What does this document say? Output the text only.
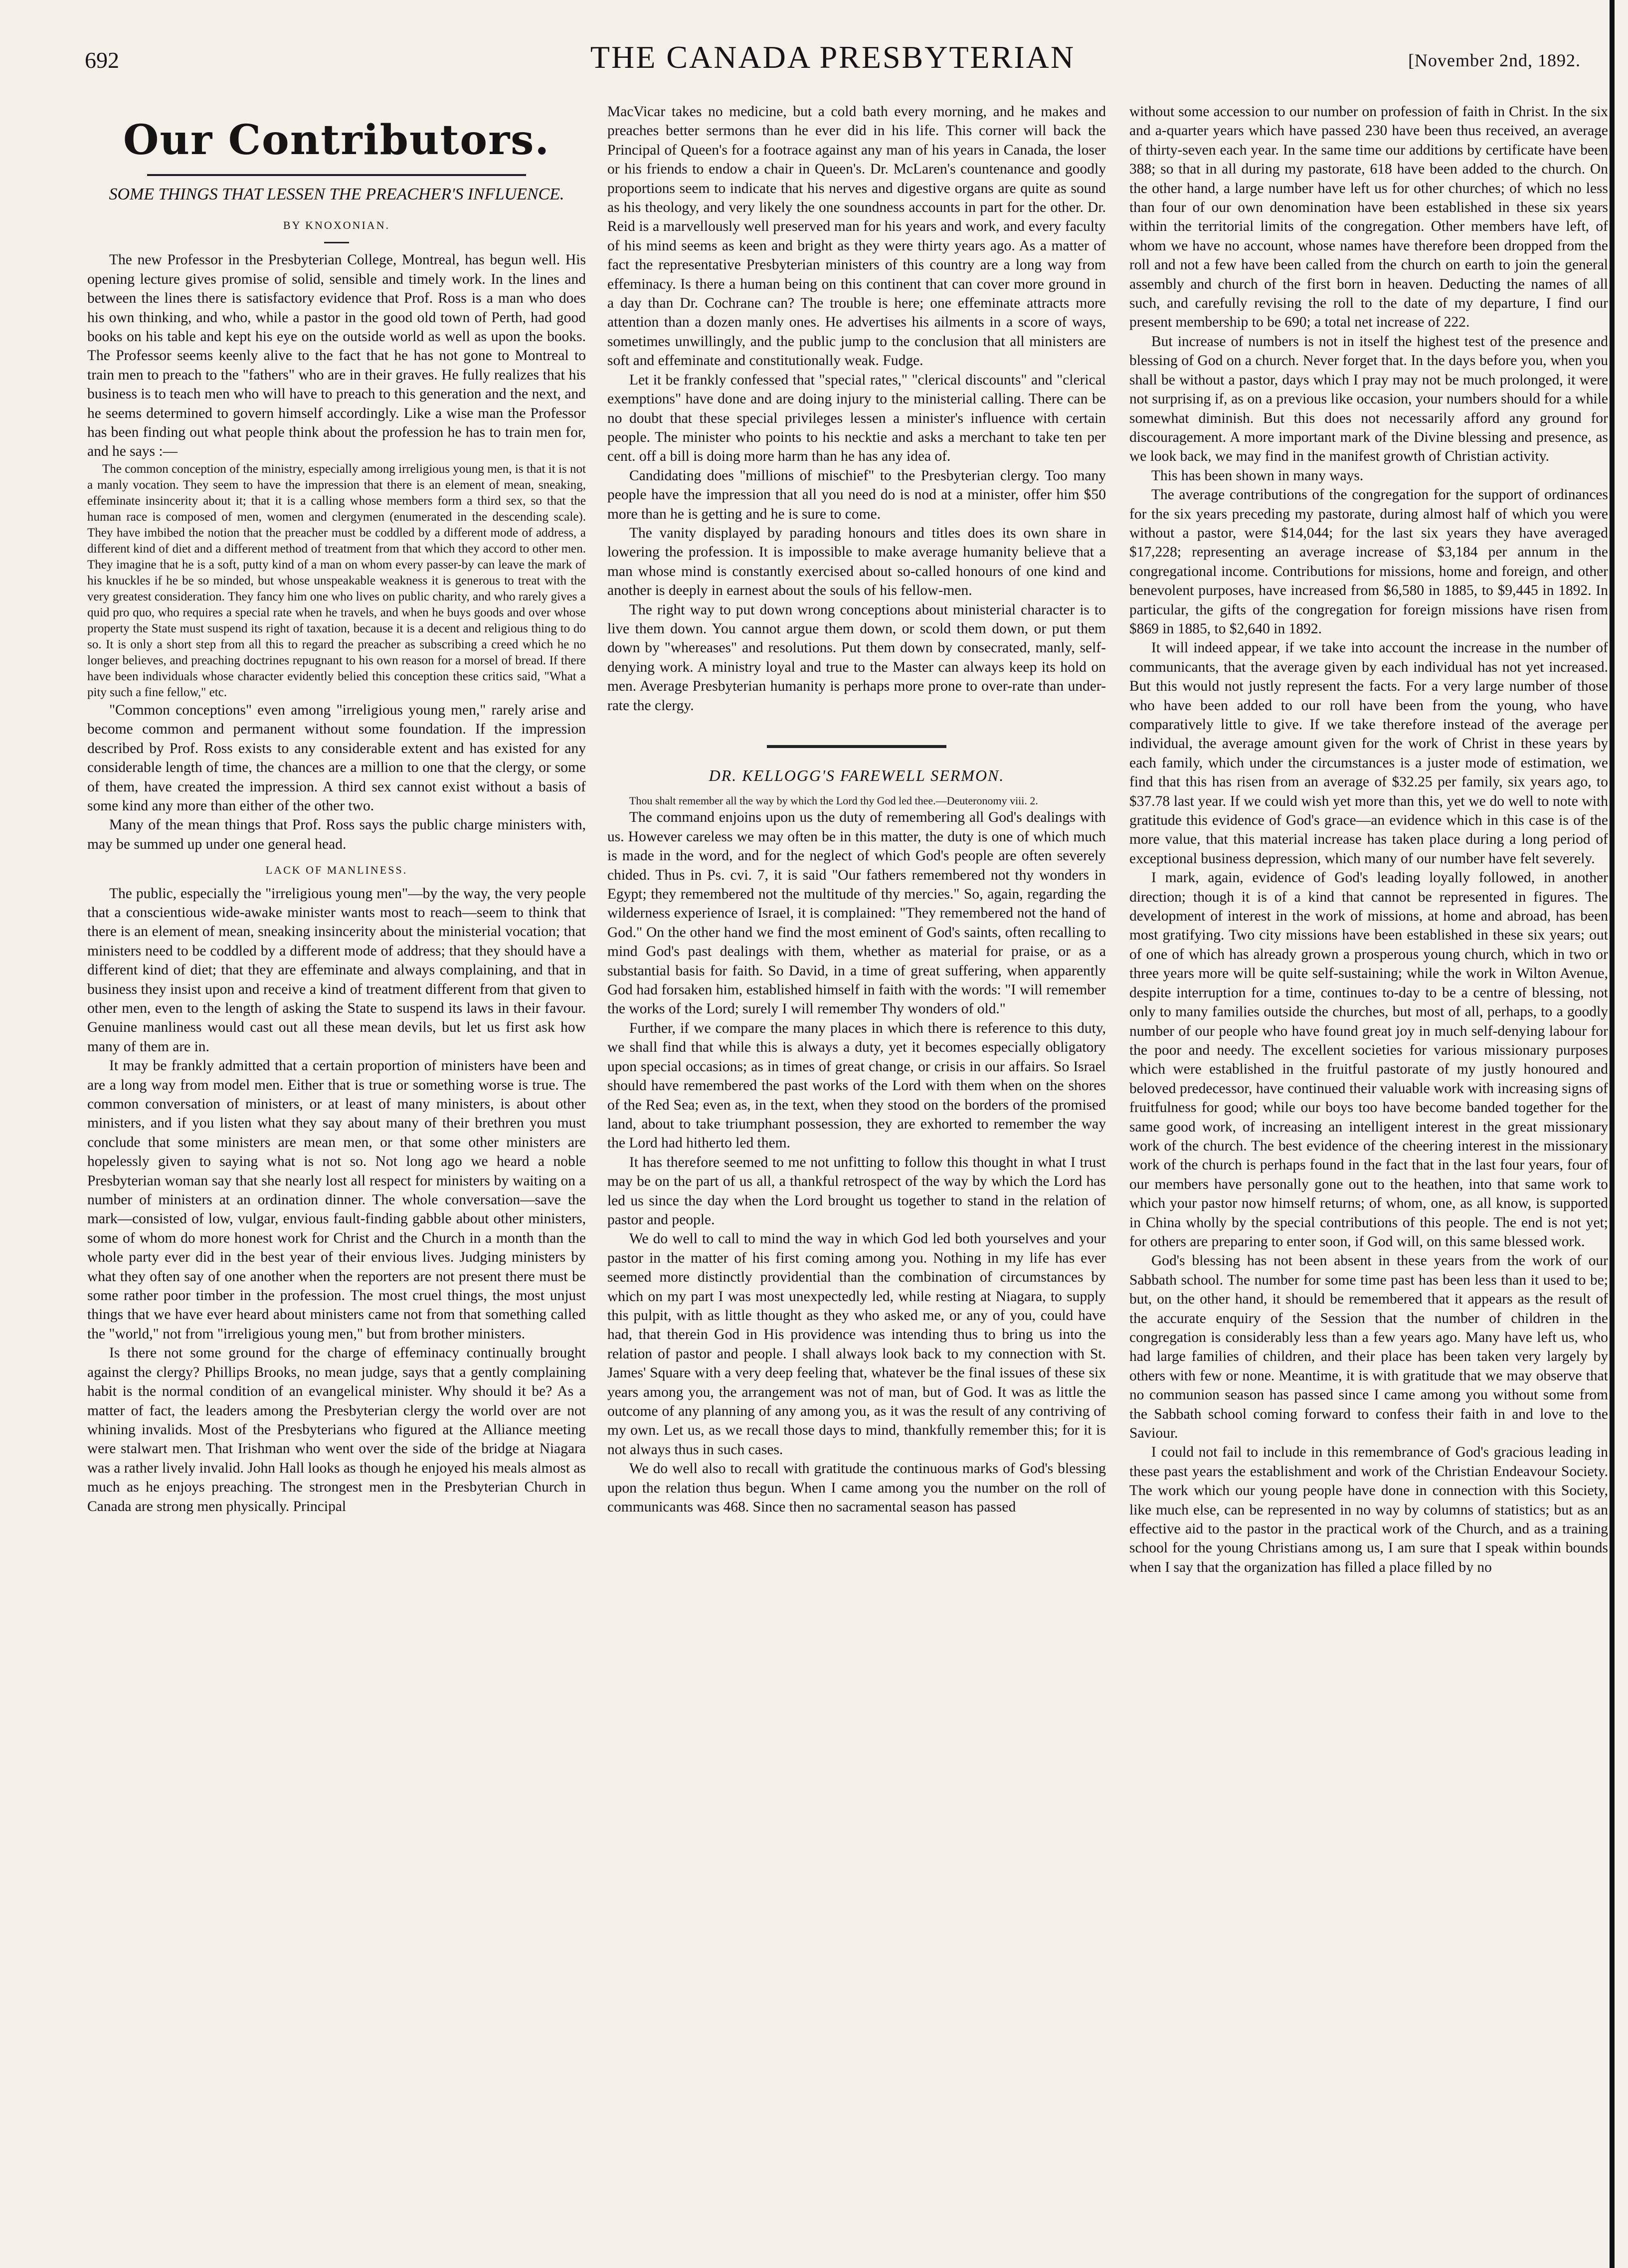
692	THE CANADA PRESBYTERIAN	[November 2nd, 1892.
Our Contributors.
SOME THINGS THAT LESSEN THE PREACHER'S INFLUENCE.
BY KNOXONIAN.

The new Professor in the Presbyterian College, Montreal, has begun well. His opening lecture gives promise of solid, sensible and timely work. In the lines and between the lines there is satisfactory evidence that Prof. Ross is a man who does his own thinking, and who, while a pastor in the good old town of Perth, had good books on his table and kept his eye on the outside world as well as upon the books. The Professor seems keenly alive to the fact that he has not gone to Montreal to train men to preach to the "fathers" who are in their graves. He fully realizes that his business is to teach men who will have to preach to this generation and the next, and he seems determined to govern himself accordingly. Like a wise man the Professor has been finding out what people think about the profession he has to train men for, and he says :—

The common conception of the ministry, especially among irreligious young men, is that it is not a manly vocation. They seem to have the impression that there is an element of mean, sneaking, effeminate insincerity about it; that it is a calling whose members form a third sex, so that the human race is composed of men, women and clergymen (enumerated in the descending scale). They have imbibed the notion that the preacher must be coddled by a different mode of address, a different kind of diet and a different method of treatment from that which they accord to other men. They imagine that he is a soft, putty kind of a man on whom every passer-by can leave the mark of his knuckles if he be so minded, but whose unspeakable weakness it is generous to treat with the very greatest consideration. They fancy him one who lives on public charity, and who rarely gives a quid pro quo, who requires a special rate when he travels, and when he buys goods and over whose property the State must suspend its right of taxation, because it is a decent and religious thing to do so. It is only a short step from all this to regard the preacher as subscribing a creed which he no longer believes, and preaching doctrines repugnant to his own reason for a morsel of bread. If there have been individuals whose character evidently belied this conception these critics said, "What a pity such a fine fellow," etc.

"Common conceptions" even among "irreligious young men," rarely arise and become common and permanent without some foundation. If the impression described by Prof. Ross exists to any considerable extent and has existed for any considerable length of time, the chances are a million to one that the clergy, or some of them, have created the impression. A third sex cannot exist without a basis of some kind any more than either of the other two.

Many of the mean things that Prof. Ross says the public charge ministers with, may be summed up under one general head.

LACK OF MANLINESS.

The public, especially the "irreligious young men"—by the way, the very people that a conscientious wide-awake minister wants most to reach—seem to think that there is an element of mean, sneaking insincerity about the ministerial vocation; that ministers need to be coddled by a different mode of address; that they should have a different kind of diet; that they are effeminate and always complaining, and that in business they insist upon and receive a kind of treatment different from that given to other men, even to the length of asking the State to suspend its laws in their favour. Genuine manliness would cast out all these mean devils, but let us first ask how many of them are in.

It may be frankly admitted that a certain proportion of ministers have been and are a long way from model men. Either that is true or something worse is true. The common conversation of ministers, or at least of many ministers, is about other ministers, and if you listen what they say about many of their brethren you must conclude that some ministers are mean men, or that some other ministers are hopelessly given to saying what is not so. Not long ago we heard a noble Presbyterian woman say that she nearly lost all respect for ministers by waiting on a number of ministers at an ordination dinner. The whole conversation—save the mark—consisted of low, vulgar, envious fault-finding gabble about other ministers, some of whom do more honest work for Christ and the Church in a month than the whole party ever did in the best year of their envious lives. Judging ministers by what they often say of one another when the reporters are not present there must be some rather poor timber in the profession. The most cruel things, the most unjust things that we have ever heard about ministers came not from that something called the "world," not from "irreligious young men," but from brother ministers.

Is there not some ground for the charge of effeminacy continually brought against the clergy? Phillips Brooks, no mean judge, says that a gently complaining habit is the normal condition of an evangelical minister. Why should it be? As a matter of fact, the leaders among the Presbyterian clergy the world over are not whining invalids. Most of the Presbyterians who figured at the Alliance meeting were stalwart men. That Irishman who went over the side of the bridge at Niagara was a rather lively invalid. John Hall looks as though he enjoyed his meals almost as much as he enjoys preaching. The strongest men in the Presbyterian Church in Canada are strong men physically. Principal

MacVicar takes no medicine, but a cold bath every morning, and he makes and preaches better sermons than he ever did in his life. This corner will back the Principal of Queen's for a footrace against any man of his years in Canada, the loser or his friends to endow a chair in Queen's. Dr. McLaren's countenance and goodly proportions seem to indicate that his nerves and digestive organs are quite as sound as his theology, and very likely the one soundness accounts in part for the other. Dr. Reid is a marvellously well preserved man for his years and work, and every faculty of his mind seems as keen and bright as they were thirty years ago. As a matter of fact the representative Presbyterian ministers of this country are a long way from effeminacy. Is there a human being on this continent that can cover more ground in a day than Dr. Cochrane can? The trouble is here; one effeminate attracts more attention than a dozen manly ones. He advertises his ailments in a score of ways, sometimes unwillingly, and the public jump to the conclusion that all ministers are soft and effeminate and constitutionally weak. Fudge.

Let it be frankly confessed that "special rates," "clerical discounts" and "clerical exemptions" have done and are doing injury to the ministerial calling. There can be no doubt that these special privileges lessen a minister's influence with certain people. The minister who points to his necktie and asks a merchant to take ten per cent. off a bill is doing more harm than he has any idea of.

Candidating does "millions of mischief" to the Presbyterian clergy. Too many people have the impression that all you need do is nod at a minister, offer him $50 more than he is getting and he is sure to come.

The vanity displayed by parading honours and titles does its own share in lowering the profession. It is impossible to make average humanity believe that a man whose mind is constantly exercised about so-called honours of one kind and another is deeply in earnest about the souls of his fellow-men.

The right way to put down wrong conceptions about ministerial character is to live them down. You cannot argue them down, or scold them down, or put them down by "whereases" and resolutions. Put them down by consecrated, manly, self-denying work. A ministry loyal and true to the Master can always keep its hold on men. Average Presbyterian humanity is perhaps more prone to over-rate than under-rate the clergy.

DR. KELLOGG'S FAREWELL SERMON.

Thou shalt remember all the way by which the Lord thy God led thee.—Deuteronomy viii. 2.

The command enjoins upon us the duty of remembering all God's dealings with us. However careless we may often be in this matter, the duty is one of which much is made in the word, and for the neglect of which God's people are often severely chided. Thus in Ps. cvi. 7, it is said "Our fathers remembered not thy wonders in Egypt; they remembered not the multitude of thy mercies." So, again, regarding the wilderness experience of Israel, it is complained: "They remembered not the hand of God." On the other hand we find the most eminent of God's saints, often recalling to mind God's past dealings with them, whether as material for praise, or as a substantial basis for faith. So David, in a time of great suffering, when apparently God had forsaken him, established himself in faith with the words: "I will remember the works of the Lord; surely I will remember Thy wonders of old."

Further, if we compare the many places in which there is reference to this duty, we shall find that while this is always a duty, yet it becomes especially obligatory upon special occasions; as in times of great change, or crisis in our affairs. So Israel should have remembered the past works of the Lord with them when on the shores of the Red Sea; even as, in the text, when they stood on the borders of the promised land, about to take triumphant possession, they are exhorted to remember the way the Lord had hitherto led them.

It has therefore seemed to me not unfitting to follow this thought in what I trust may be on the part of us all, a thankful retrospect of the way by which the Lord has led us since the day when the Lord brought us together to stand in the relation of pastor and people.

We do well to call to mind the way in which God led both yourselves and your pastor in the matter of his first coming among you. Nothing in my life has ever seemed more distinctly providential than the combination of circumstances by which on my part I was most unexpectedly led, while resting at Niagara, to supply this pulpit, with as little thought as they who asked me, or any of you, could have had, that therein God in His providence was intending thus to bring us into the relation of pastor and people. I shall always look back to my connection with St. James' Square with a very deep feeling that, whatever be the final issues of these six years among you, the arrangement was not of man, but of God. It was as little the outcome of any planning of any among you, as it was the result of any contriving of my own. Let us, as we recall those days to mind, thankfully remember this; for it is not always thus in such cases.

We do well also to recall with gratitude the continuous marks of God's blessing upon the relation thus begun. When I came among you the number on the roll of communicants was 468. Since then no sacramental season has passed

without some accession to our number on profession of faith in Christ. In the six and a-quarter years which have passed 230 have been thus received, an average of thirty-seven each year. In the same time our additions by certificate have been 388; so that in all during my pastorate, 618 have been added to the church. On the other hand, a large number have left us for other churches; of which no less than four of our own denomination have been established in these six years within the territorial limits of the congregation. Other members have left, of whom we have no account, whose names have therefore been dropped from the roll and not a few have been called from the church on earth to join the general assembly and church of the first born in heaven. Deducting the names of all such, and carefully revising the roll to the date of my departure, I find our present membership to be 690; a total net increase of 222.

But increase of numbers is not in itself the highest test of the presence and blessing of God on a church. Never forget that. In the days before you, when you shall be without a pastor, days which I pray may not be much prolonged, it were not surprising if, as on a previous like occasion, your numbers should for a while somewhat diminish. But this does not necessarily afford any ground for discouragement. A more important mark of the Divine blessing and presence, as we look back, we may find in the manifest growth of Christian activity.

This has been shown in many ways.

The average contributions of the congregation for the support of ordinances for the six years preceding my pastorate, during almost half of which you were without a pastor, were $14,044; for the last six years they have averaged $17,228; representing an average increase of $3,184 per annum in the congregational income. Contributions for missions, home and foreign, and other benevolent purposes, have increased from $6,580 in 1885, to $9,445 in 1892. In particular, the gifts of the congregation for foreign missions have risen from $869 in 1885, to $2,640 in 1892.

It will indeed appear, if we take into account the increase in the number of communicants, that the average given by each individual has not yet increased. But this would not justly represent the facts. For a very large number of those who have been added to our roll have been from the young, who have comparatively little to give. If we take therefore instead of the average per individual, the average amount given for the work of Christ in these years by each family, which under the circumstances is a juster mode of estimation, we find that this has risen from an average of $32.25 per family, six years ago, to $37.78 last year. If we could wish yet more than this, yet we do well to note with gratitude this evidence of God's grace—an evidence which in this case is of the more value, that this material increase has taken place during a long period of exceptional business depression, which many of our number have felt severely.

I mark, again, evidence of God's leading loyally followed, in another direction; though it is of a kind that cannot be represented in figures. The development of interest in the work of missions, at home and abroad, has been most gratifying. Two city missions have been established in these six years; out of one of which has already grown a prosperous young church, which in two or three years more will be quite self-sustaining; while the work in Wilton Avenue, despite interruption for a time, continues to-day to be a centre of blessing, not only to many families outside the churches, but most of all, perhaps, to a goodly number of our people who have found great joy in much self-denying labour for the poor and needy. The excellent societies for various missionary purposes which were established in the fruitful pastorate of my justly honoured and beloved predecessor, have continued their valuable work with increasing signs of fruitfulness for good; while our boys too have become banded together for the same good work, of increasing an intelligent interest in the great missionary work of the church. The best evidence of the cheering interest in the missionary work of the church is perhaps found in the fact that in the last four years, four of our members have personally gone out to the heathen, into that same work to which your pastor now himself returns; of whom, one, as all know, is supported in China wholly by the special contributions of this people. The end is not yet; for others are preparing to enter soon, if God will, on this same blessed work.

God's blessing has not been absent in these years from the work of our Sabbath school. The number for some time past has been less than it used to be; but, on the other hand, it should be remembered that it appears as the result of the accurate enquiry of the Session that the number of children in the congregation is considerably less than a few years ago. Many have left us, who had large families of children, and their place has been taken very largely by others with few or none. Meantime, it is with gratitude that we may observe that no communion season has passed since I came among you without some from the Sabbath school coming forward to confess their faith in and love to the Saviour.

I could not fail to include in this remembrance of God's gracious leading in these past years the establishment and work of the Christian Endeavour Society. The work which our young people have done in connection with this Society, like much else, can be represented in no way by columns of statistics; but as an effective aid to the pastor in the practical work of the Church, and as a training school for the young Christians among us, I am sure that I speak within bounds when I say that the organization has filled a place filled by no
